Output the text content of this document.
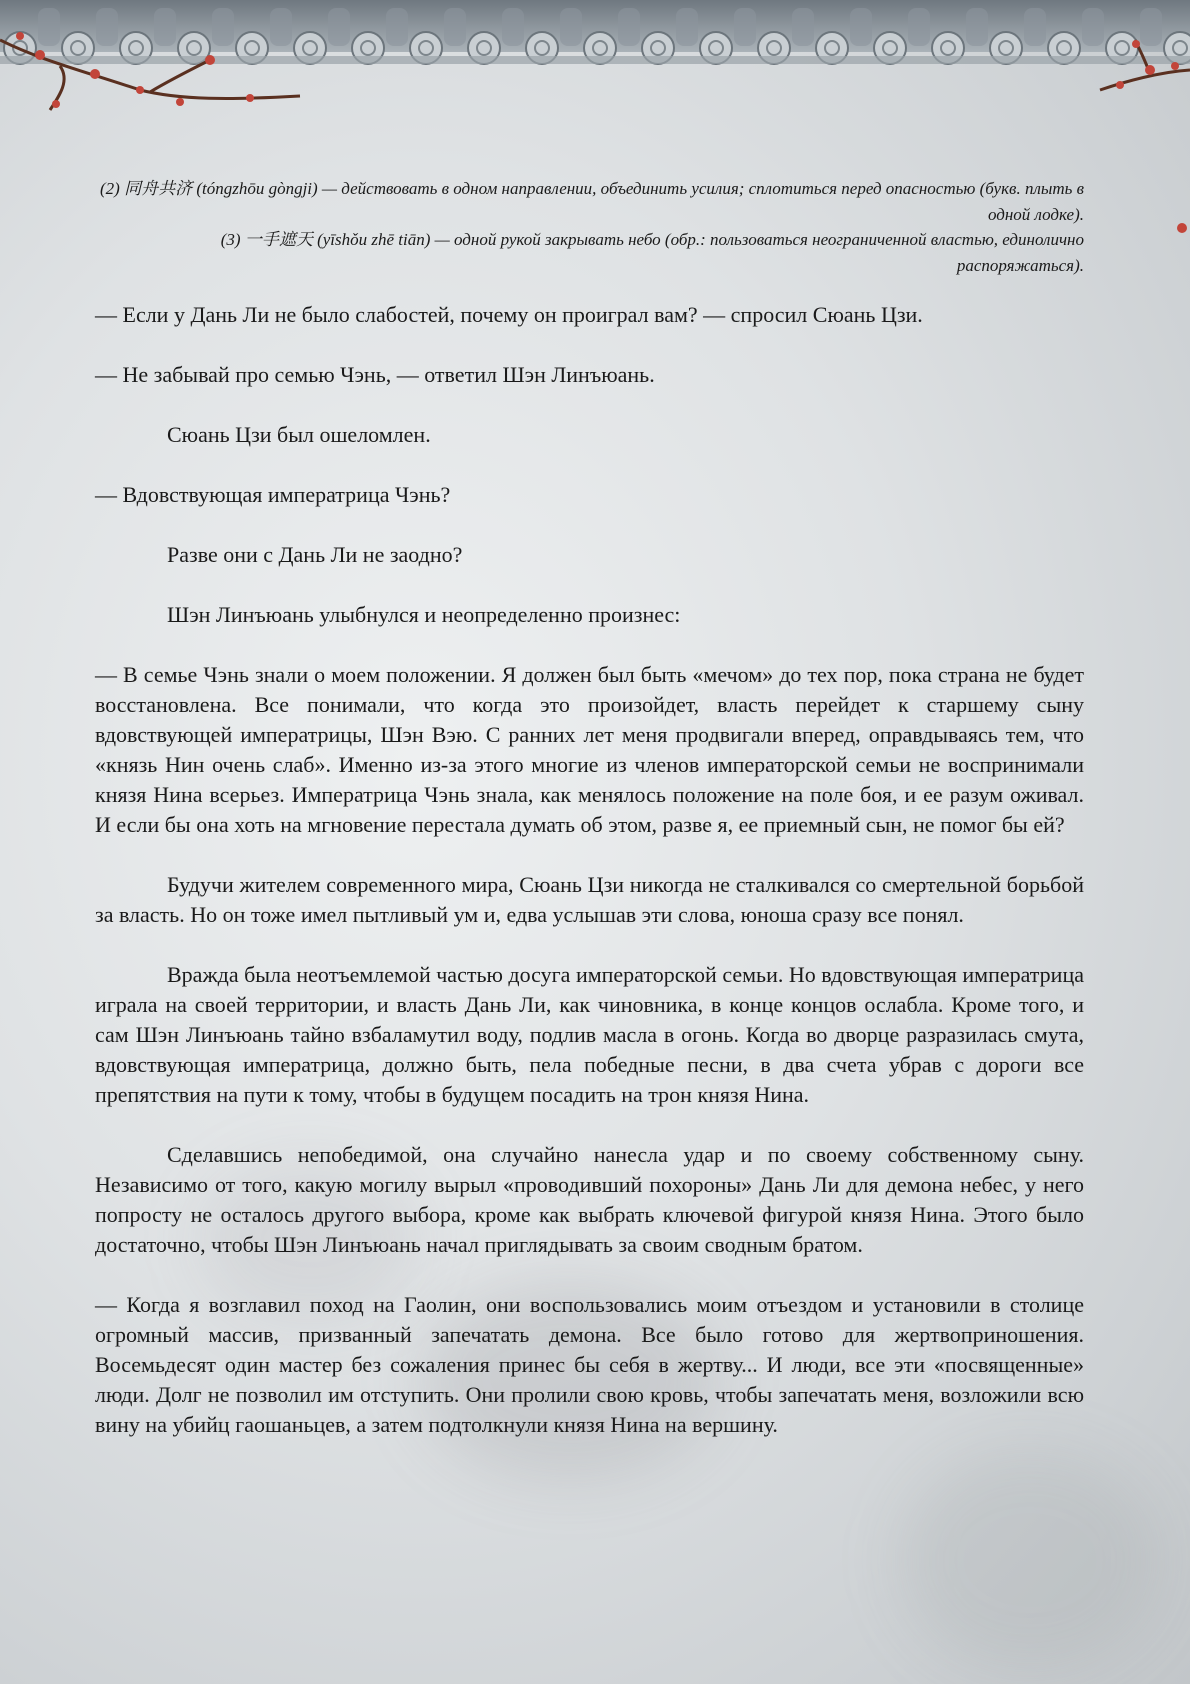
(2) 同舟共济 (tóngzhōu gòngji) — действовать в одном направлении, объединить усилия; сплотиться перед опасностью (букв. плыть в одной лодке).

(3) 一手遮天 (yīshǒu zhē tiān) — одной рукой закрывать небо (обр.: пользоваться неограниченной властью, единолично распоряжаться).

— Если у Дань Ли не было слабостей, почему он проиграл вам? — спросил Сюань Цзи.

— Не забывай про семью Чэнь, — ответил Шэн Линъюань.

Сюань Цзи был ошеломлен.

— Вдовствующая императрица Чэнь?

Разве они с Дань Ли не заодно?

Шэн Линъюань улыбнулся и неопределенно произнес:

— В семье Чэнь знали о моем положении. Я должен был быть «мечом» до тех пор, пока страна не будет восстановлена. Все понимали, что когда это произойдет, власть перейдет к старшему сыну вдовствующей императрицы, Шэн Вэю. С ранних лет меня продвигали вперед, оправдываясь тем, что «князь Нин очень слаб». Именно из-за этого многие из членов императорской семьи не воспринимали князя Нина всерьез. Императрица Чэнь знала, как менялось положение на поле боя, и ее разум оживал. И если бы она хоть на мгновение перестала думать об этом, разве я, ее приемный сын, не помог бы ей?

Будучи жителем современного мира, Сюань Цзи никогда не сталкивался со смертельной борьбой за власть. Но он тоже имел пытливый ум и, едва услышав эти слова, юноша сразу все понял.

Вражда была неотъемлемой частью досуга императорской семьи. Но вдовствующая императрица играла на своей территории, и власть Дань Ли, как чиновника, в конце концов ослабла. Кроме того, и сам Шэн Линъюань тайно взбаламутил воду, подлив масла в огонь. Когда во дворце разразилась смута, вдовствующая императрица, должно быть, пела победные песни, в два счета убрав с дороги все препятствия на пути к тому, чтобы в будущем посадить на трон князя Нина.

Сделавшись непобедимой, она случайно нанесла удар и по своему собственному сыну. Независимо от того, какую могилу вырыл «проводивший похороны» Дань Ли для демона небес, у него попросту не осталось другого выбора, кроме как выбрать ключевой фигурой князя Нина. Этого было достаточно, чтобы Шэн Линъюань начал приглядывать за своим сводным братом.

— Когда я возглавил поход на Гаолин, они воспользовались моим отъездом и установили в столице огромный массив, призванный запечатать демона. Все было готово для жертвоприношения. Восемьдесят один мастер без сожаления принес бы себя в жертву... И люди, все эти «посвященные» люди. Долг не позволил им отступить. Они пролили свою кровь, чтобы запечатать меня, возложили всю вину на убийц гаошаньцев, а затем подтолкнули князя Нина на вершину.
